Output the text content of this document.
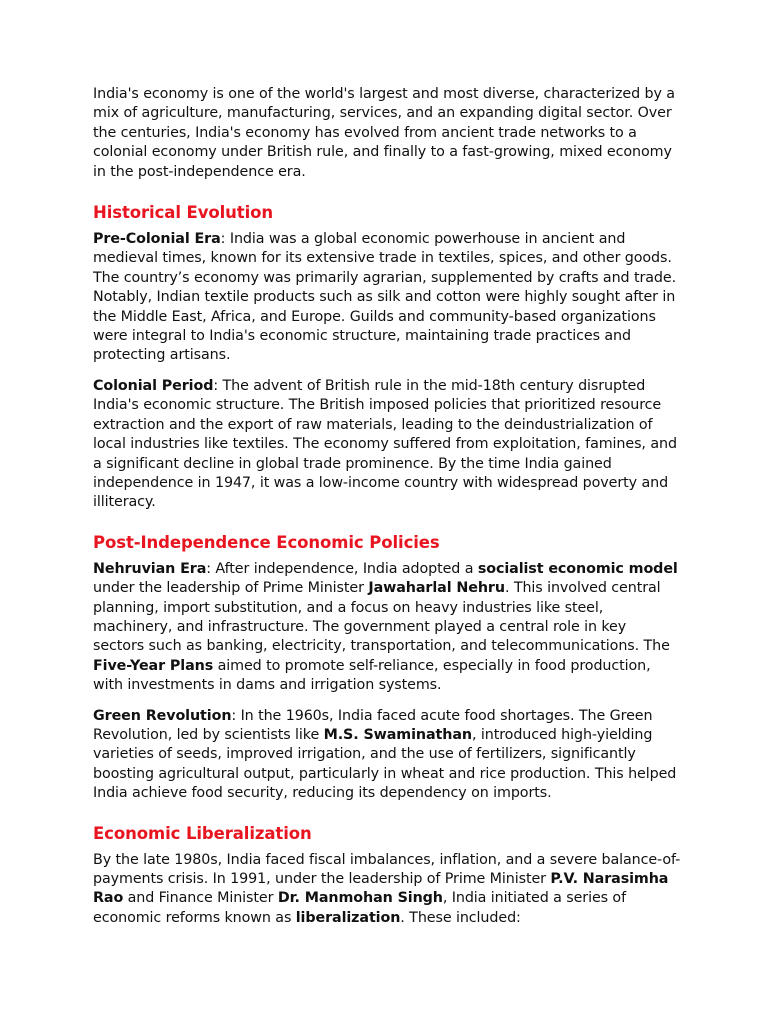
India's economy is one of the world's largest and most diverse, characterized by a mix of agriculture, manufacturing, services, and an expanding digital sector. Over the centuries, India's economy has evolved from ancient trade networks to a colonial economy under British rule, and finally to a fast-growing, mixed economy in the post-independence era.

Historical Evolution

Pre-Colonial Era: India was a global economic powerhouse in ancient and medieval times, known for its extensive trade in textiles, spices, and other goods. The country’s economy was primarily agrarian, supplemented by crafts and trade. Notably, Indian textile products such as silk and cotton were highly sought after in the Middle East, Africa, and Europe. Guilds and community-based organizations were integral to India's economic structure, maintaining trade practices and protecting artisans.

Colonial Period: The advent of British rule in the mid-18th century disrupted India's economic structure. The British imposed policies that prioritized resource extraction and the export of raw materials, leading to the deindustrialization of local industries like textiles. The economy suffered from exploitation, famines, and a significant decline in global trade prominence. By the time India gained independence in 1947, it was a low-income country with widespread poverty and illiteracy.

Post-Independence Economic Policies

Nehruvian Era: After independence, India adopted a socialist economic model under the leadership of Prime Minister Jawaharlal Nehru. This involved central planning, import substitution, and a focus on heavy industries like steel, machinery, and infrastructure. The government played a central role in key sectors such as banking, electricity, transportation, and telecommunications. The Five-Year Plans aimed to promote self-reliance, especially in food production, with investments in dams and irrigation systems.

Green Revolution: In the 1960s, India faced acute food shortages. The Green Revolution, led by scientists like M.S. Swaminathan, introduced high-yielding varieties of seeds, improved irrigation, and the use of fertilizers, significantly boosting agricultural output, particularly in wheat and rice production. This helped India achieve food security, reducing its dependency on imports.

Economic Liberalization

By the late 1980s, India faced fiscal imbalances, inflation, and a severe balance-of-payments crisis. In 1991, under the leadership of Prime Minister P.V. Narasimha Rao and Finance Minister Dr. Manmohan Singh, India initiated a series of economic reforms known as liberalization. These included:
